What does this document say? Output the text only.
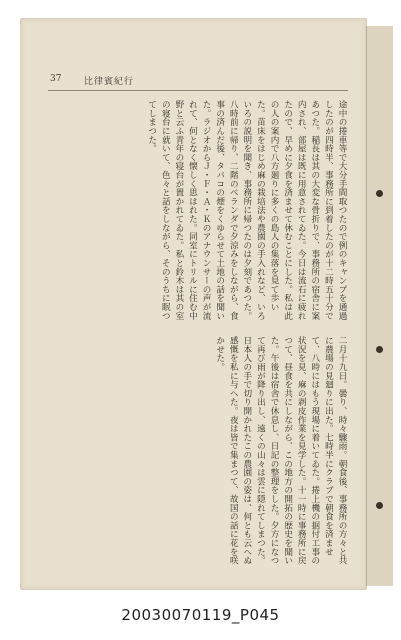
37	比律賓紀行

途中の捲車等で大分手間取つたので例のキャンプを通過したのが四時半、事務所に到着したのが十二時五十分であつた。稲長は其の大変な骨折りで、事務所の宿舎に案内され、部屋は既に用意されてゐた。今日は流石に疲れたので、早めに夕食を済ませて休むことにした。私は此の人の案内で八方廻りに多くの島人の集落を見て歩いた。苗床をはじめ麻の栽培法や農園の手入れなど、いろいろの説明を聞き、事務所に帰つたのは夕刻であつた。八時前に帰り、二階のベランダで夕涼みをしながら、食事の済んだ後、タバコの煙をくゆらせて土地の話を聞いた。ラジオからＪ・Ｆ・Ａ・Ｋのアナウンサーの声が流れて、何となく懐しく思はれた。同室にトリルに住む中野と云ふ青年の寝台が置かれてゐた。私と鈴木は其の室の寝台に就いて、色々と話をしながら、そのうちに眠つてしまつた。

二月十九日。曇り、時々驟雨。朝食後、事務所の方々と共に農場の見廻りに出た。七時半にクラブで朝食を済ませて、八時にはもう現場に着いてゐた。捲上機の据付工事の状況を見、麻の剥皮作業を見学した。十一時に事務所に戻つて、昼食を共にしながら、この地方の開拓の歴史を聞いた。午後は宿舎で休息し、日記の整理をした。夕方になつて再び雨が降り出し、遠くの山々は雲に隠れてしまつた。日本人の手で切り開かれたこの農園の姿は、何とも云へぬ感慨を私に与へた。夜は皆で集まつて、故国の話に花を咲かせた。

20030070119_P045
